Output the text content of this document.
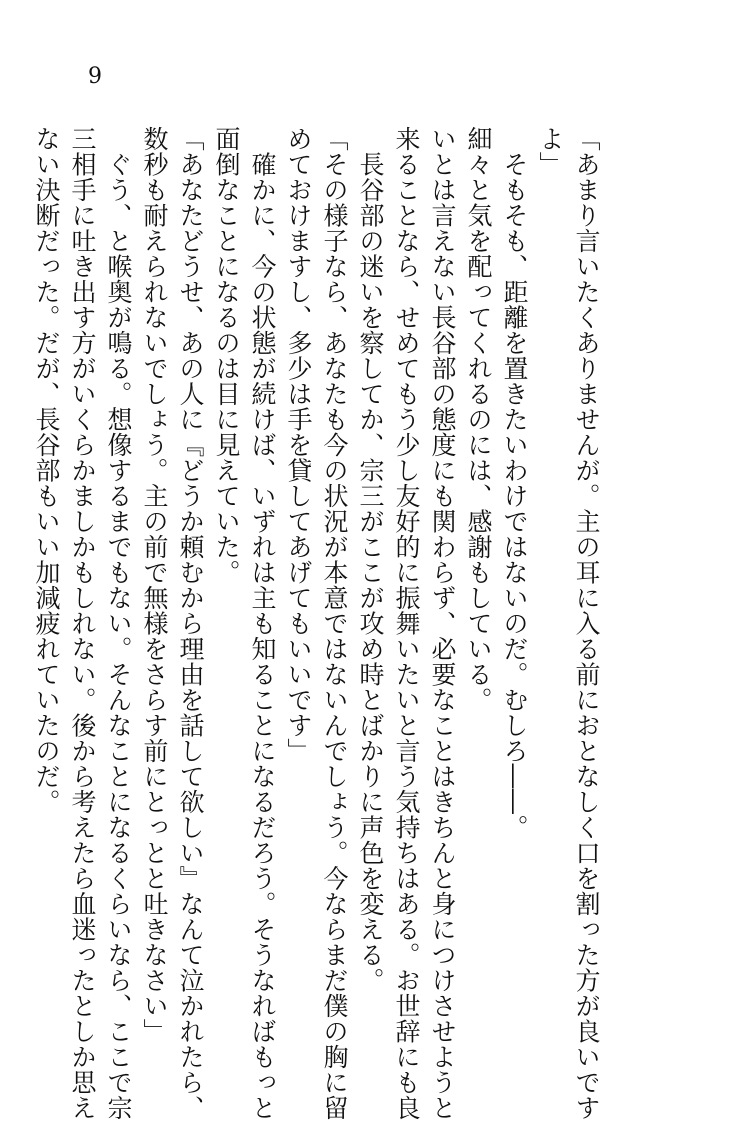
9
「あまり言いたくありませんが。主の耳に入る前におとなしく口を割った方が良いです
よ」
　そもそも、距離を置きたいわけではないのだ。むしろ――。
細々と気を配ってくれるのには、感謝もしている。
いとは言えない長谷部の態度にも関わらず、必要なことはきちんと身につけさせようと
来ることなら、せめてもう少し友好的に振舞いたいと言う気持ちはある。お世辞にも良
　長谷部の迷いを察してか、宗三がここが攻め時とばかりに声色を変える。
「その様子なら、あなたも今の状況が本意ではないんでしょう。今ならまだ僕の胸に留
めておけますし、多少は手を貸してあげてもいいです」
　確かに、今の状態が続けば、いずれは主も知ることになるだろう。そうなればもっと
面倒なことになるのは目に見えていた。
「あなたどうせ、あの人に『どうか頼むから理由を話して欲しい』なんて泣かれたら、
数秒も耐えられないでしょう。主の前で無様をさらす前にとっとと吐きなさい」
　ぐう、と喉奥が鳴る。想像するまでもない。そんなことになるくらいなら、ここで宗
三相手に吐き出す方がいくらかましかもしれない。後から考えたら血迷ったとしか思え
ない決断だった。だが、長谷部もいい加減疲れていたのだ。
